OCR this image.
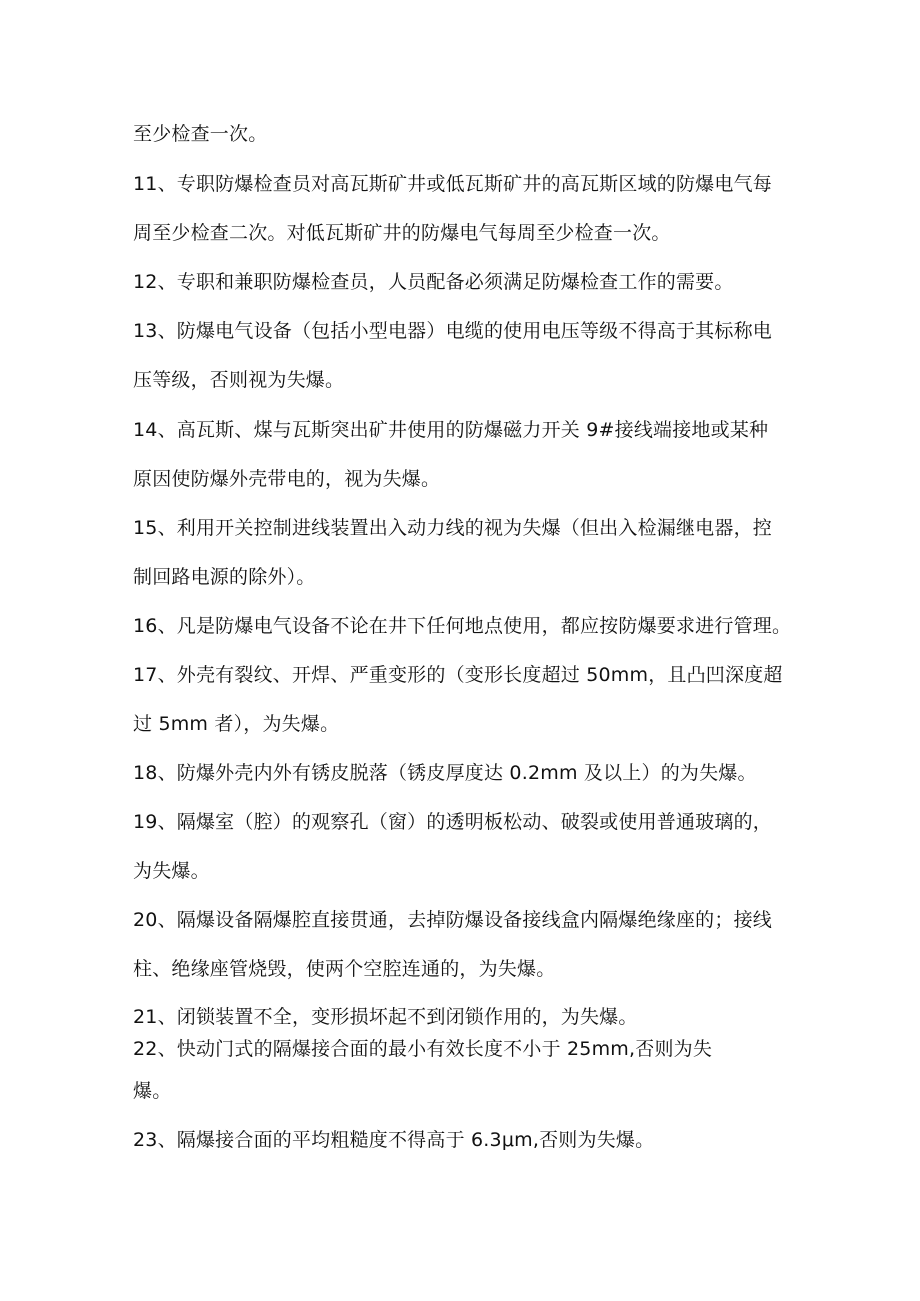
至少检查一次。
11、专职防爆检查员对高瓦斯矿井或低瓦斯矿井的高瓦斯区域的防爆电气每
周至少检查二次。对低瓦斯矿井的防爆电气每周至少检查一次。
12、专职和兼职防爆检查员，人员配备必须满足防爆检查工作的需要。
13、防爆电气设备（包括小型电器）电缆的使用电压等级不得高于其标称电
压等级，否则视为失爆。
14、高瓦斯、煤与瓦斯突出矿井使用的防爆磁力开关 9#接线端接地或某种
原因使防爆外壳带电的，视为失爆。
15、利用开关控制进线装置出入动力线的视为失爆（但出入检漏继电器，控
制回路电源的除外）。
16、凡是防爆电气设备不论在井下任何地点使用，都应按防爆要求进行管理。
17、外壳有裂纹、开焊、严重变形的（变形长度超过 50mm，且凸凹深度超
过 5mm 者），为失爆。
18、防爆外壳内外有锈皮脱落（锈皮厚度达 0.2mm 及以上）的为失爆。
19、隔爆室（腔）的观察孔（窗）的透明板松动、破裂或使用普通玻璃的，
为失爆。
20、隔爆设备隔爆腔直接贯通，去掉防爆设备接线盒内隔爆绝缘座的；接线
柱、绝缘座管烧毁，使两个空腔连通的，为失爆。
21、闭锁装置不全，变形损坏起不到闭锁作用的，为失爆。
22、快动门式的隔爆接合面的最小有效长度不小于 25mm,否则为失
爆。
23、隔爆接合面的平均粗糙度不得高于 6.3μm,否则为失爆。
